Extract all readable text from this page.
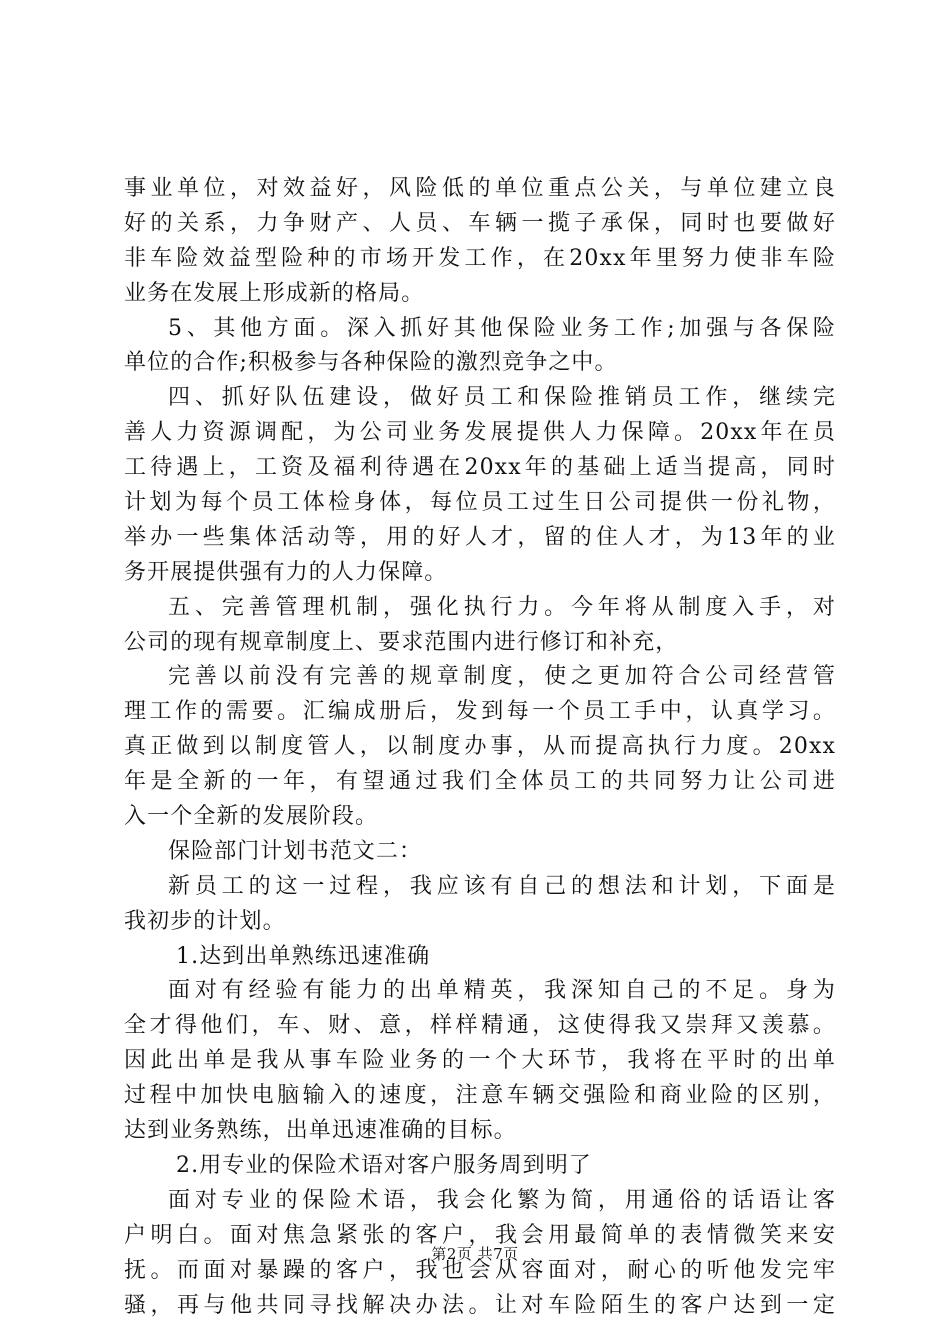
事业单位，对效益好，风险低的单位重点公关，与单位建立良
好的关系，力争财产、人员、车辆一揽子承保，同时也要做好
非车险效益型险种的市场开发工作，在20xx年里努力使非车险
业务在发展上形成新的格局。
5、其他方面。深入抓好其他保险业务工作;加强与各保险
单位的合作;积极参与各种保险的激烈竞争之中。
四、抓好队伍建设，做好员工和保险推销员工作，继续完
善人力资源调配，为公司业务发展提供人力保障。20xx年在员
工待遇上，工资及福利待遇在20xx年的基础上适当提高，同时
计划为每个员工体检身体，每位员工过生日公司提供一份礼物，
举办一些集体活动等，用的好人才，留的住人才，为13年的业
务开展提供强有力的人力保障。
五、完善管理机制，强化执行力。今年将从制度入手，对
公司的现有规章制度上、要求范围内进行修订和补充，
完善以前没有完善的规章制度，使之更加符合公司经营管
理工作的需要。汇编成册后，发到每一个员工手中，认真学习。
真正做到以制度管人，以制度办事，从而提高执行力度。20xx
年是全新的一年，有望通过我们全体员工的共同努力让公司进
入一个全新的发展阶段。
保险部门计划书范文二：
新员工的这一过程，我应该有自己的想法和计划，下面是
我初步的计划。
1.达到出单熟练迅速准确
面对有经验有能力的出单精英，我深知自己的不足。身为
全才得他们，车、财、意，样样精通，这使得我又崇拜又羡慕。
因此出单是我从事车险业务的一个大环节，我将在平时的出单
过程中加快电脑输入的速度，注意车辆交强险和商业险的区别，
达到业务熟练，出单迅速准确的目标。
2.用专业的保险术语对客户服务周到明了
面对专业的保险术语，我会化繁为简，用通俗的话语让客
户明白。面对焦急紧张的客户，我会用最简单的表情微笑来安
抚。而面对暴躁的客户，我也会从容面对，耐心的听他发完牢
骚，再与他共同寻找解决办法。让对车险陌生的客户达到一定
第2页 共7页
